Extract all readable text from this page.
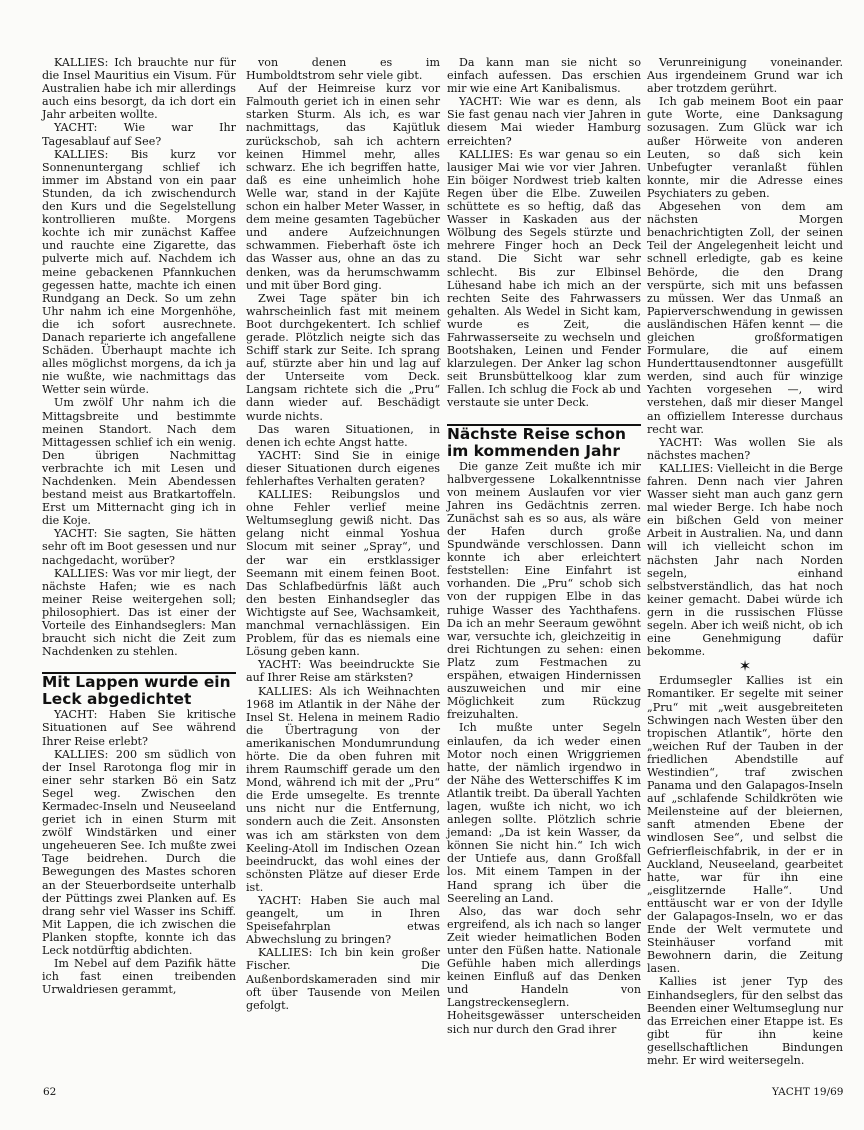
KALLIES: Ich brauchte nur für die Insel Mauritius ein Visum. Für Australien habe ich mir allerdings auch eins besorgt, da ich dort ein Jahr arbeiten wollte.

YACHT: Wie war Ihr Tagesablauf auf See?

KALLIES: Bis kurz vor Sonnenuntergang schlief ich immer im Abstand von ein paar Stunden, da ich zwischendurch den Kurs und die Segelstellung kontrollieren mußte. Morgens kochte ich mir zunächst Kaffee und rauchte eine Zigarette, das pulverte mich auf. Nachdem ich meine gebackenen Pfannkuchen gegessen hatte, machte ich einen Rundgang an Deck. So um zehn Uhr nahm ich eine Morgenhöhe, die ich sofort ausrechnete. Danach reparierte ich angefallene Schäden. Überhaupt machte ich alles möglichst morgens, da ich ja nie wußte, wie nachmittags das Wetter sein würde.

Um zwölf Uhr nahm ich die Mittagsbreite und bestimmte meinen Standort. Nach dem Mittagessen schlief ich ein wenig. Den übrigen Nachmittag verbrachte ich mit Lesen und Nachdenken. Mein Abendessen bestand meist aus Bratkartoffeln. Erst um Mitternacht ging ich in die Koje.

YACHT: Sie sagten, Sie hätten sehr oft im Boot gesessen und nur nachgedacht, worüber?

KALLIES: Was vor mir liegt, der nächste Hafen; wie es nach meiner Reise weitergehen soll; philosophiert. Das ist einer der Vorteile des Einhandseglers: Man braucht sich nicht die Zeit zum Nachdenken zu stehlen.

Mit Lappen wurde ein Leck abgedichtet

YACHT: Haben Sie kritische Situationen auf See während Ihrer Reise erlebt?

KALLIES: 200 sm südlich von der Insel Rarotonga flog mir in einer sehr starken Bö ein Satz Segel weg. Zwischen den Kermadec-Inseln und Neuseeland geriet ich in einen Sturm mit zwölf Windstärken und einer ungeheueren See. Ich mußte zwei Tage beidrehen. Durch die Bewegungen des Mastes schoren an der Steuerbordseite unterhalb der Püttings zwei Planken auf. Es drang sehr viel Wasser ins Schiff. Mit Lappen, die ich zwischen die Planken stopfte, konnte ich das Leck notdürftig abdichten.

Im Nebel auf dem Pazifik hätte ich fast einen treibenden Urwaldriesen gerammt,

von denen es im Humboldtstrom sehr viele gibt.

Auf der Heimreise kurz vor Falmouth geriet ich in einen sehr starken Sturm. Als ich, es war nachmittags, das Kajütluk zurückschob, sah ich achtern keinen Himmel mehr, alles schwarz. Ehe ich begriffen hatte, daß es eine unheimlich hohe Welle war, stand in der Kajüte schon ein halber Meter Wasser, in dem meine gesamten Tagebücher und andere Aufzeichnungen schwammen. Fieberhaft öste ich das Wasser aus, ohne an das zu denken, was da herumschwamm und mit über Bord ging.

Zwei Tage später bin ich wahrscheinlich fast mit meinem Boot durchgekentert. Ich schlief gerade. Plötzlich neigte sich das Schiff stark zur Seite. Ich sprang auf, stürzte aber hin und lag auf der Unterseite vom Deck. Langsam richtete sich die „Pru“ dann wieder auf. Beschädigt wurde nichts.

Das waren Situationen, in denen ich echte Angst hatte.

YACHT: Sind Sie in einige dieser Situationen durch eigenes fehlerhaftes Verhalten geraten?

KALLIES: Reibungslos und ohne Fehler verlief meine Weltumseglung gewiß nicht. Das gelang nicht einmal Yoshua Slocum mit seiner „Spray“, und der war ein erstklassiger Seemann mit einem feinen Boot. Das Schlafbedürfnis läßt auch den besten Einhandsegler das Wichtigste auf See, Wachsamkeit, manchmal vernachlässigen. Ein Problem, für das es niemals eine Lösung geben kann.

YACHT: Was beeindruckte Sie auf Ihrer Reise am stärksten?

KALLIES: Als ich Weihnachten 1968 im Atlantik in der Nähe der Insel St. Helena in meinem Radio die Übertragung von der amerikanischen Mondumrundung hörte. Die da oben fuhren mit ihrem Raumschiff gerade um den Mond, während ich mit der „Pru“ die Erde umsegelte. Es trennte uns nicht nur die Entfernung, sondern auch die Zeit. Ansonsten was ich am stärksten von dem Keeling-Atoll im Indischen Ozean beeindruckt, das wohl eines der schönsten Plätze auf dieser Erde ist.

YACHT: Haben Sie auch mal geangelt, um in Ihren Speisefahrplan etwas Abwechslung zu bringen?

KALLIES: Ich bin kein großer Fischer. Die Außenbordskameraden sind mir oft über Tausende von Meilen gefolgt.

Da kann man sie nicht so einfach aufessen. Das erschien mir wie eine Art Kanibalismus.

YACHT: Wie war es denn, als Sie fast genau nach vier Jahren in diesem Mai wieder Hamburg erreichten?

KALLIES: Es war genau so ein lausiger Mai wie vor vier Jahren. Ein böiger Nordwest trieb kalten Regen über die Elbe. Zuweilen schüttete es so heftig, daß das Wasser in Kaskaden aus der Wölbung des Segels stürzte und mehrere Finger hoch an Deck stand. Die Sicht war sehr schlecht. Bis zur Elbinsel Lühesand habe ich mich an der rechten Seite des Fahrwassers gehalten. Als Wedel in Sicht kam, wurde es Zeit, die Fahrwasserseite zu wechseln und Bootshaken, Leinen und Fender klarzulegen. Der Anker lag schon seit Brunsbüttelkoog klar zum Fallen. Ich schlug die Fock ab und verstaute sie unter Deck.

Nächste Reise schon im kommenden Jahr

Die ganze Zeit mußte ich mir halbvergessene Lokalkenntnisse von meinem Auslaufen vor vier Jahren ins Gedächtnis zerren. Zunächst sah es so aus, als wäre der Hafen durch große Spundwände verschlossen. Dann konnte ich aber erleichtert feststellen: Eine Einfahrt ist vorhanden. Die „Pru“ schob sich von der ruppigen Elbe in das ruhige Wasser des Yachthafens. Da ich an mehr Seeraum gewöhnt war, versuchte ich, gleichzeitig in drei Richtungen zu sehen: einen Platz zum Festmachen zu erspähen, etwaigen Hindernissen auszuweichen und mir eine Möglichkeit zum Rückzug freizuhalten.

Ich mußte unter Segeln einlaufen, da ich weder einen Motor noch einen Wriggriemen hatte, der nämlich irgendwo in der Nähe des Wetterschiffes K im Atlantik treibt. Da überall Yachten lagen, wußte ich nicht, wo ich anlegen sollte. Plötzlich schrie jemand: „Da ist kein Wasser, da können Sie nicht hin.“ Ich wich der Untiefe aus, dann Großfall los. Mit einem Tampen in der Hand sprang ich über die Seereling an Land.

Also, das war doch sehr ergreifend, als ich nach so langer Zeit wieder heimatlichen Boden unter den Füßen hatte. Nationale Gefühle haben mich allerdings keinen Einfluß auf das Denken und Handeln von Langstreckenseglern. Hoheitsgewässer unterscheiden sich nur durch den Grad ihrer

Verunreinigung voneinander. Aus irgendeinem Grund war ich aber trotzdem gerührt.

Ich gab meinem Boot ein paar gute Worte, eine Danksagung sozusagen. Zum Glück war ich außer Hörweite von anderen Leuten, so daß sich kein Unbefugter veranlaßt fühlen konnte, mir die Adresse eines Psychiaters zu geben.

Abgesehen von dem am nächsten Morgen benachrichtigten Zoll, der seinen Teil der Angelegenheit leicht und schnell erledigte, gab es keine Behörde, die den Drang verspürte, sich mit uns befassen zu müssen. Wer das Unmaß an Papierverschwendung in gewissen ausländischen Häfen kennt — die gleichen großformatigen Formulare, die auf einem Hunderttausendtonner ausgefüllt werden, sind auch für winzige Yachten vorgesehen —, wird verstehen, daß mir dieser Mangel an offiziellem Interesse durchaus recht war.

YACHT: Was wollen Sie als nächstes machen?

KALLIES: Vielleicht in die Berge fahren. Denn nach vier Jahren Wasser sieht man auch ganz gern mal wieder Berge. Ich habe noch ein bißchen Geld von meiner Arbeit in Australien. Na, und dann will ich vielleicht schon im nächsten Jahr nach Norden segeln, einhand selbstverständlich, das hat noch keiner gemacht. Dabei würde ich gern in die russischen Flüsse segeln. Aber ich weiß nicht, ob ich eine Genehmigung dafür bekomme.

✶

Erdumsegler Kallies ist ein Romantiker. Er segelte mit seiner „Pru“ mit „weit ausgebreiteten Schwingen nach Westen über den tropischen Atlantik“, hörte den „weichen Ruf der Tauben in der friedlichen Abendstille auf Westindien“, traf zwischen Panama und den Galapagos-Inseln auf „schlafende Schildkröten wie Meilensteine auf der bleiernen, sanft atmenden Ebene der windlosen See“, und selbst die Gefrierfleischfabrik, in der er in Auckland, Neuseeland, gearbeitet hatte, war für ihn eine „eisglitzernde Halle“. Und enttäuscht war er von der Idylle der Galapagos-Inseln, wo er das Ende der Welt vermutete und Steinhäuser vorfand mit Bewohnern darin, die Zeitung lasen.

Kallies ist jener Typ des Einhandseglers, für den selbst das Beenden einer Weltumseglung nur das Erreichen einer Etappe ist. Es gibt für ihn keine gesellschaftlichen Bindungen mehr. Er wird weitersegeln.

62	YACHT 19/69
